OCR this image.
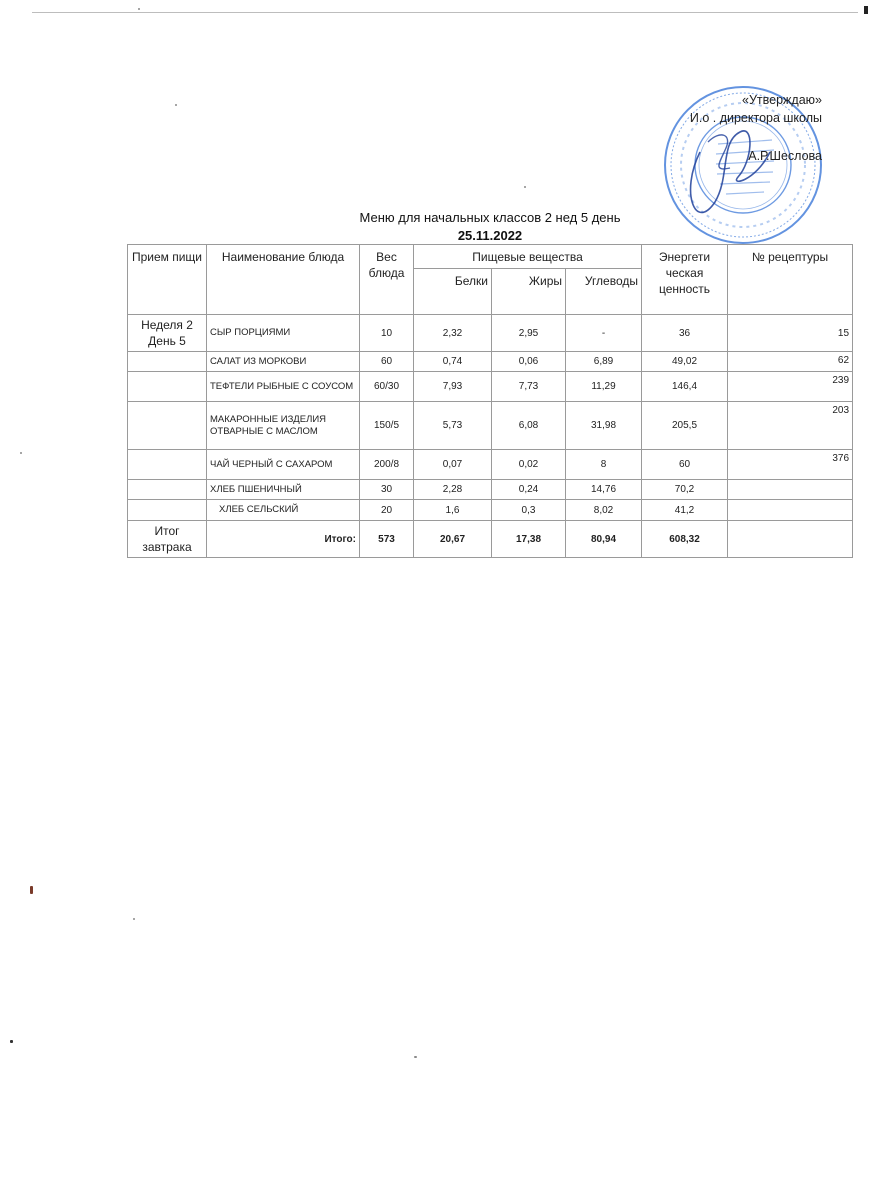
«Утверждаю»
И.о . директора школы
А.Р.Шеслова
Меню для начальных классов 2 нед 5 день
25.11.2022
Прием пищи	Наименование блюда	Вес блюда	Пищевые вещества			Энергети ческая ценность	№ рецептуры
			Белки	Жиры	Углеводы		
Неделя 2 День 5	СЫР ПОРЦИЯМИ	10	2,32	2,95	-	36	15
	САЛАТ ИЗ МОРКОВИ	60	0,74	0,06	6,89	49,02	62
	ТЕФТЕЛИ РЫБНЫЕ С СОУСОМ	60/30	7,93	7,73	11,29	146,4	239
	МАКАРОННЫЕ ИЗДЕЛИЯ ОТВАРНЫЕ С МАСЛОМ	150/5	5,73	6,08	31,98	205,5	203
	ЧАЙ ЧЕРНЫЙ С САХАРОМ	200/8	0,07	0,02	8	60	376
	ХЛЕБ ПШЕНИЧНЫЙ	30	2,28	0,24	14,76	70,2	
	ХЛЕБ СЕЛЬСКИЙ	20	1,6	0,3	8,02	41,2	
Итог завтрака	Итого:	573	20,67	17,38	80,94	608,32	
